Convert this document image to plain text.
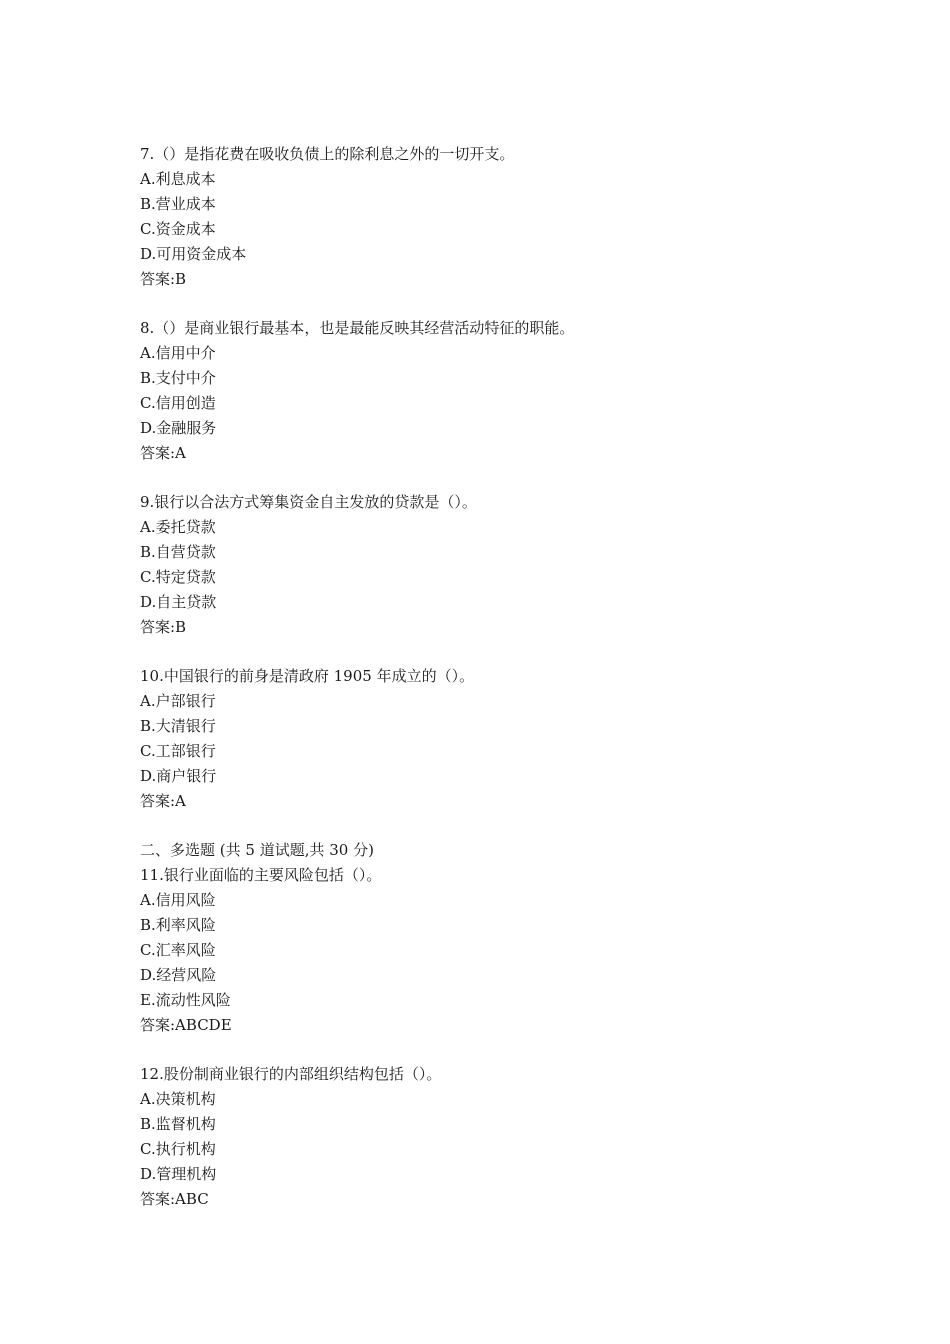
7.（）是指花费在吸收负债上的除利息之外的一切开支。
A.利息成本
B.营业成本
C.资金成本
D.可用资金成本
答案:B
8.（）是商业银行最基本，也是最能反映其经营活动特征的职能。
A.信用中介
B.支付中介
C.信用创造
D.金融服务
答案:A
9.银行以合法方式筹集资金自主发放的贷款是（）。
A.委托贷款
B.自营贷款
C.特定贷款
D.自主贷款
答案:B
10.中国银行的前身是清政府 1905 年成立的（）。
A.户部银行
B.大清银行
C.工部银行
D.商户银行
答案:A
二、多选题 (共 5 道试题,共 30 分)
11.银行业面临的主要风险包括（）。
A.信用风险
B.利率风险
C.汇率风险
D.经营风险
E.流动性风险
答案:ABCDE
12.股份制商业银行的内部组织结构包括（）。
A.决策机构
B.监督机构
C.执行机构
D.管理机构
答案:ABC
